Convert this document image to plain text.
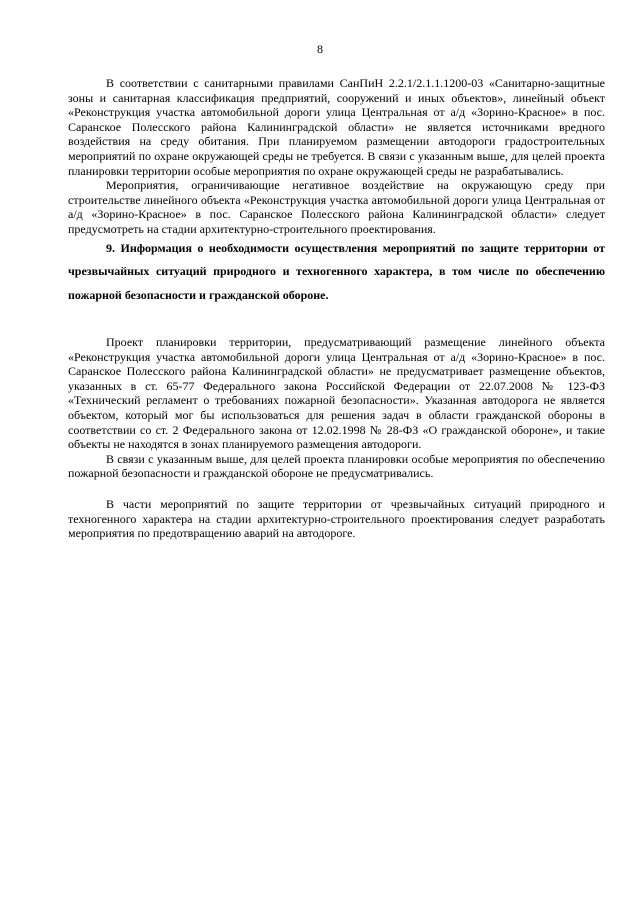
8

В соответствии с санитарными правилами СанПиН 2.2.1/2.1.1.1200-03 «Санитарно-защитные зоны и санитарная классификация предприятий, сооружений и иных объектов», линейный объект «Реконструкция участка автомобильной дороги улица Центральная от а/д «Зорино-Красное» в пос. Саранское Полесского района Калининградской области» не является источниками вредного воздействия на среду обитания. При планируемом размещении автодороги градостроительных мероприятий по охране окружающей среды не требуется. В связи с указанным выше, для целей проекта планировки территории особые мероприятия по охране окружающей среды не разрабатывались.

Мероприятия, ограничивающие негативное воздействие на окружающую среду при строительстве линейного объекта «Реконструкция участка автомобильной дороги улица Центральная от а/д «Зорино-Красное» в пос. Саранское Полесского района Калининградской области» следует предусмотреть на стадии архитектурно-строительного проектирования.

9. Информация о необходимости осуществления мероприятий по защите территории от чрезвычайных ситуаций природного и техногенного характера, в том числе по обеспечению пожарной безопасности и гражданской обороне.

Проект планировки территории, предусматривающий размещение линейного объекта «Реконструкция участка автомобильной дороги улица Центральная от а/д «Зорино-Красное» в пос. Саранское Полесского района Калининградской области» не предусматривает размещение объектов, указанных в ст. 65-77 Федерального закона Российской Федерации от 22.07.2008 № 123-ФЗ «Технический регламент о требованиях пожарной безопасности». Указанная автодорога не является объектом, который мог бы использоваться для решения задач в области гражданской обороны в соответствии со ст. 2 Федерального закона от 12.02.1998 № 28-ФЗ «О гражданской обороне», и такие объекты не находятся в зонах планируемого размещения автодороги.

В связи с указанным выше, для целей проекта планировки особые мероприятия по обеспечению пожарной безопасности и гражданской обороне не предусматривались.

В части мероприятий по защите территории от чрезвычайных ситуаций природного и техногенного характера на стадии архитектурно-строительного проектирования следует разработать мероприятия по предотвращению аварий на автодороге.
